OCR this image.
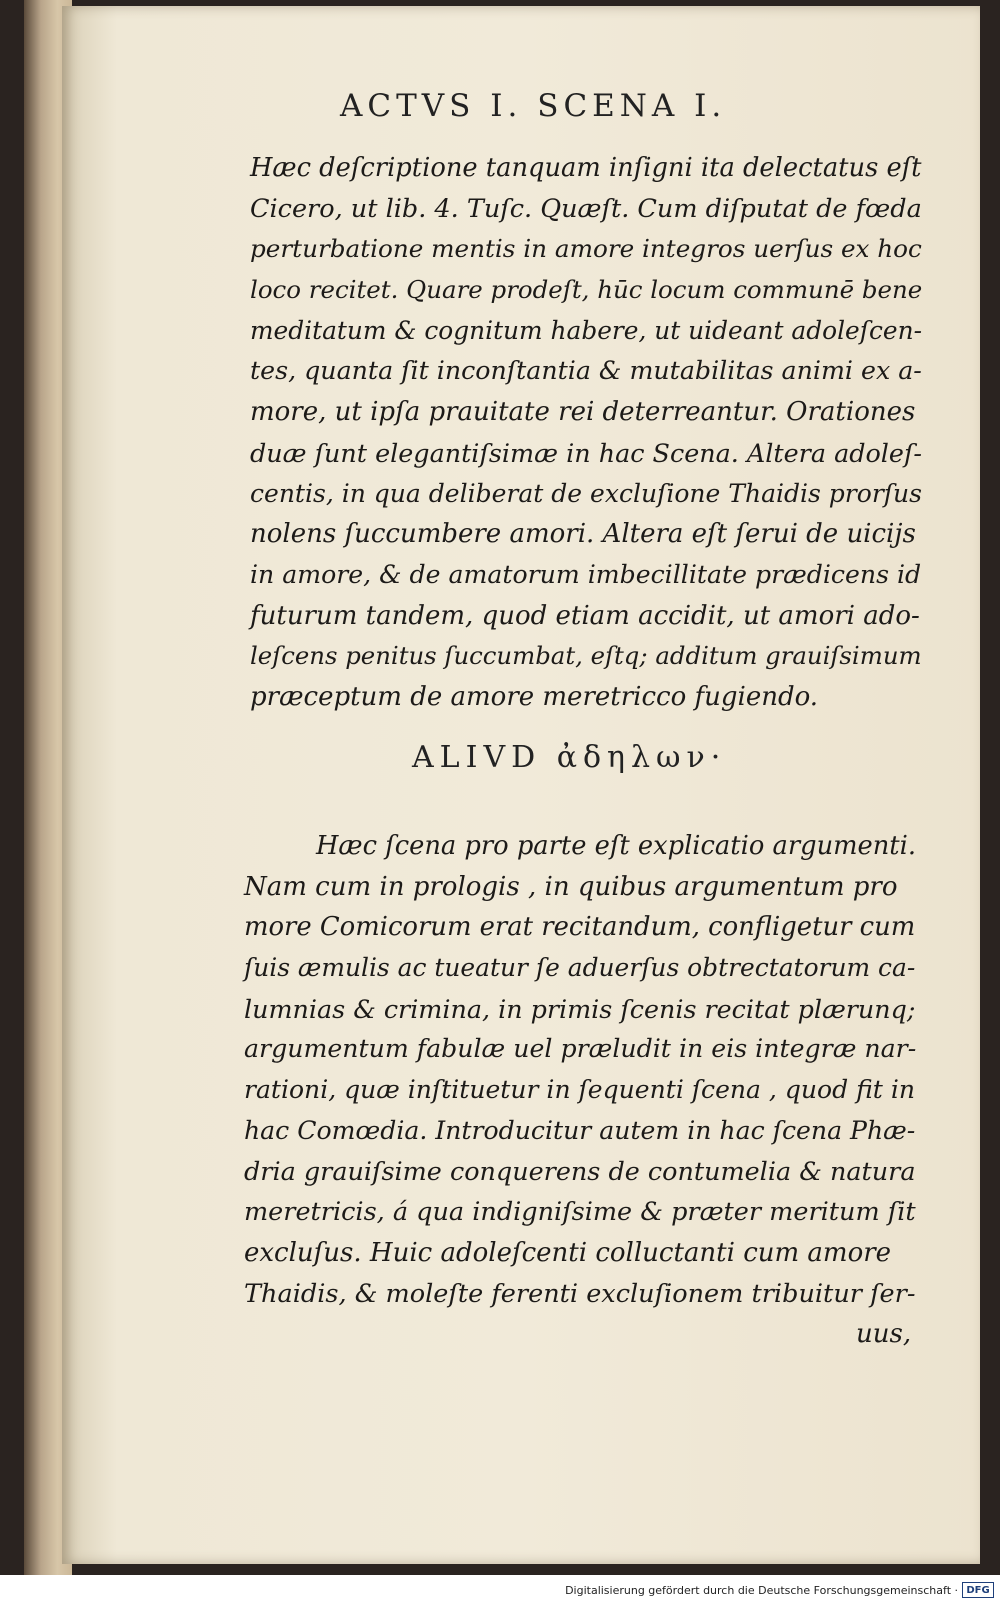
ACTVS I. SCENA I.
Hæc deſcriptione tanquam inſigni ita delectatus eſt
Cicero, ut lib. 4. Tuſc. Quæſt. Cum diſputat de fœda
perturbatione mentis in amore integros uerſus ex hoc
loco recitet. Quare prodeſt, hūc locum communē bene
meditatum & cognitum habere, ut uideant adoleſcen-
tes, quanta ſit inconſtantia & mutabilitas animi ex a-
more, ut ipſa prauitate rei deterreantur. Orationes
duæ ſunt elegantiſsimæ in hac Scena. Altera adoleſ-
centis, in qua deliberat de excluſione Thaidis prorſus
nolens ſuccumbere amori. Altera eſt ſerui de uicijs
in amore, & de amatorum imbecillitate prædicens id
futurum tandem, quod etiam accidit, ut amori ado-
leſcens penitus ſuccumbat, eſtq; additum grauiſsimum
præceptum de amore meretricco fugiendo.
ALIVD ἀδηλων·
Hæc ſcena pro parte eſt explicatio argumenti.
Nam cum in prologis , in quibus argumentum pro
more Comicorum erat recitandum, confligetur cum
ſuis æmulis ac tueatur ſe aduerſus obtrectatorum ca-
lumnias & crimina, in primis ſcenis recitat plærunq;
argumentum fabulæ uel præludit in eis integræ nar-
rationi, quæ inſtituetur in ſequenti ſcena , quod fit in
hac Comœdia. Introducitur autem in hac ſcena Phæ-
dria grauiſsime conquerens de contumelia & natura
meretricis, á qua indigniſsime & præter meritum ſit
excluſus. Huic adoleſcenti colluctanti cum amore
Thaidis, & moleſte ferenti excluſionem tribuitur ſer-
uus,
Digitalisierung gefördert durch die Deutsche Forschungsgemeinschaft · DFG
